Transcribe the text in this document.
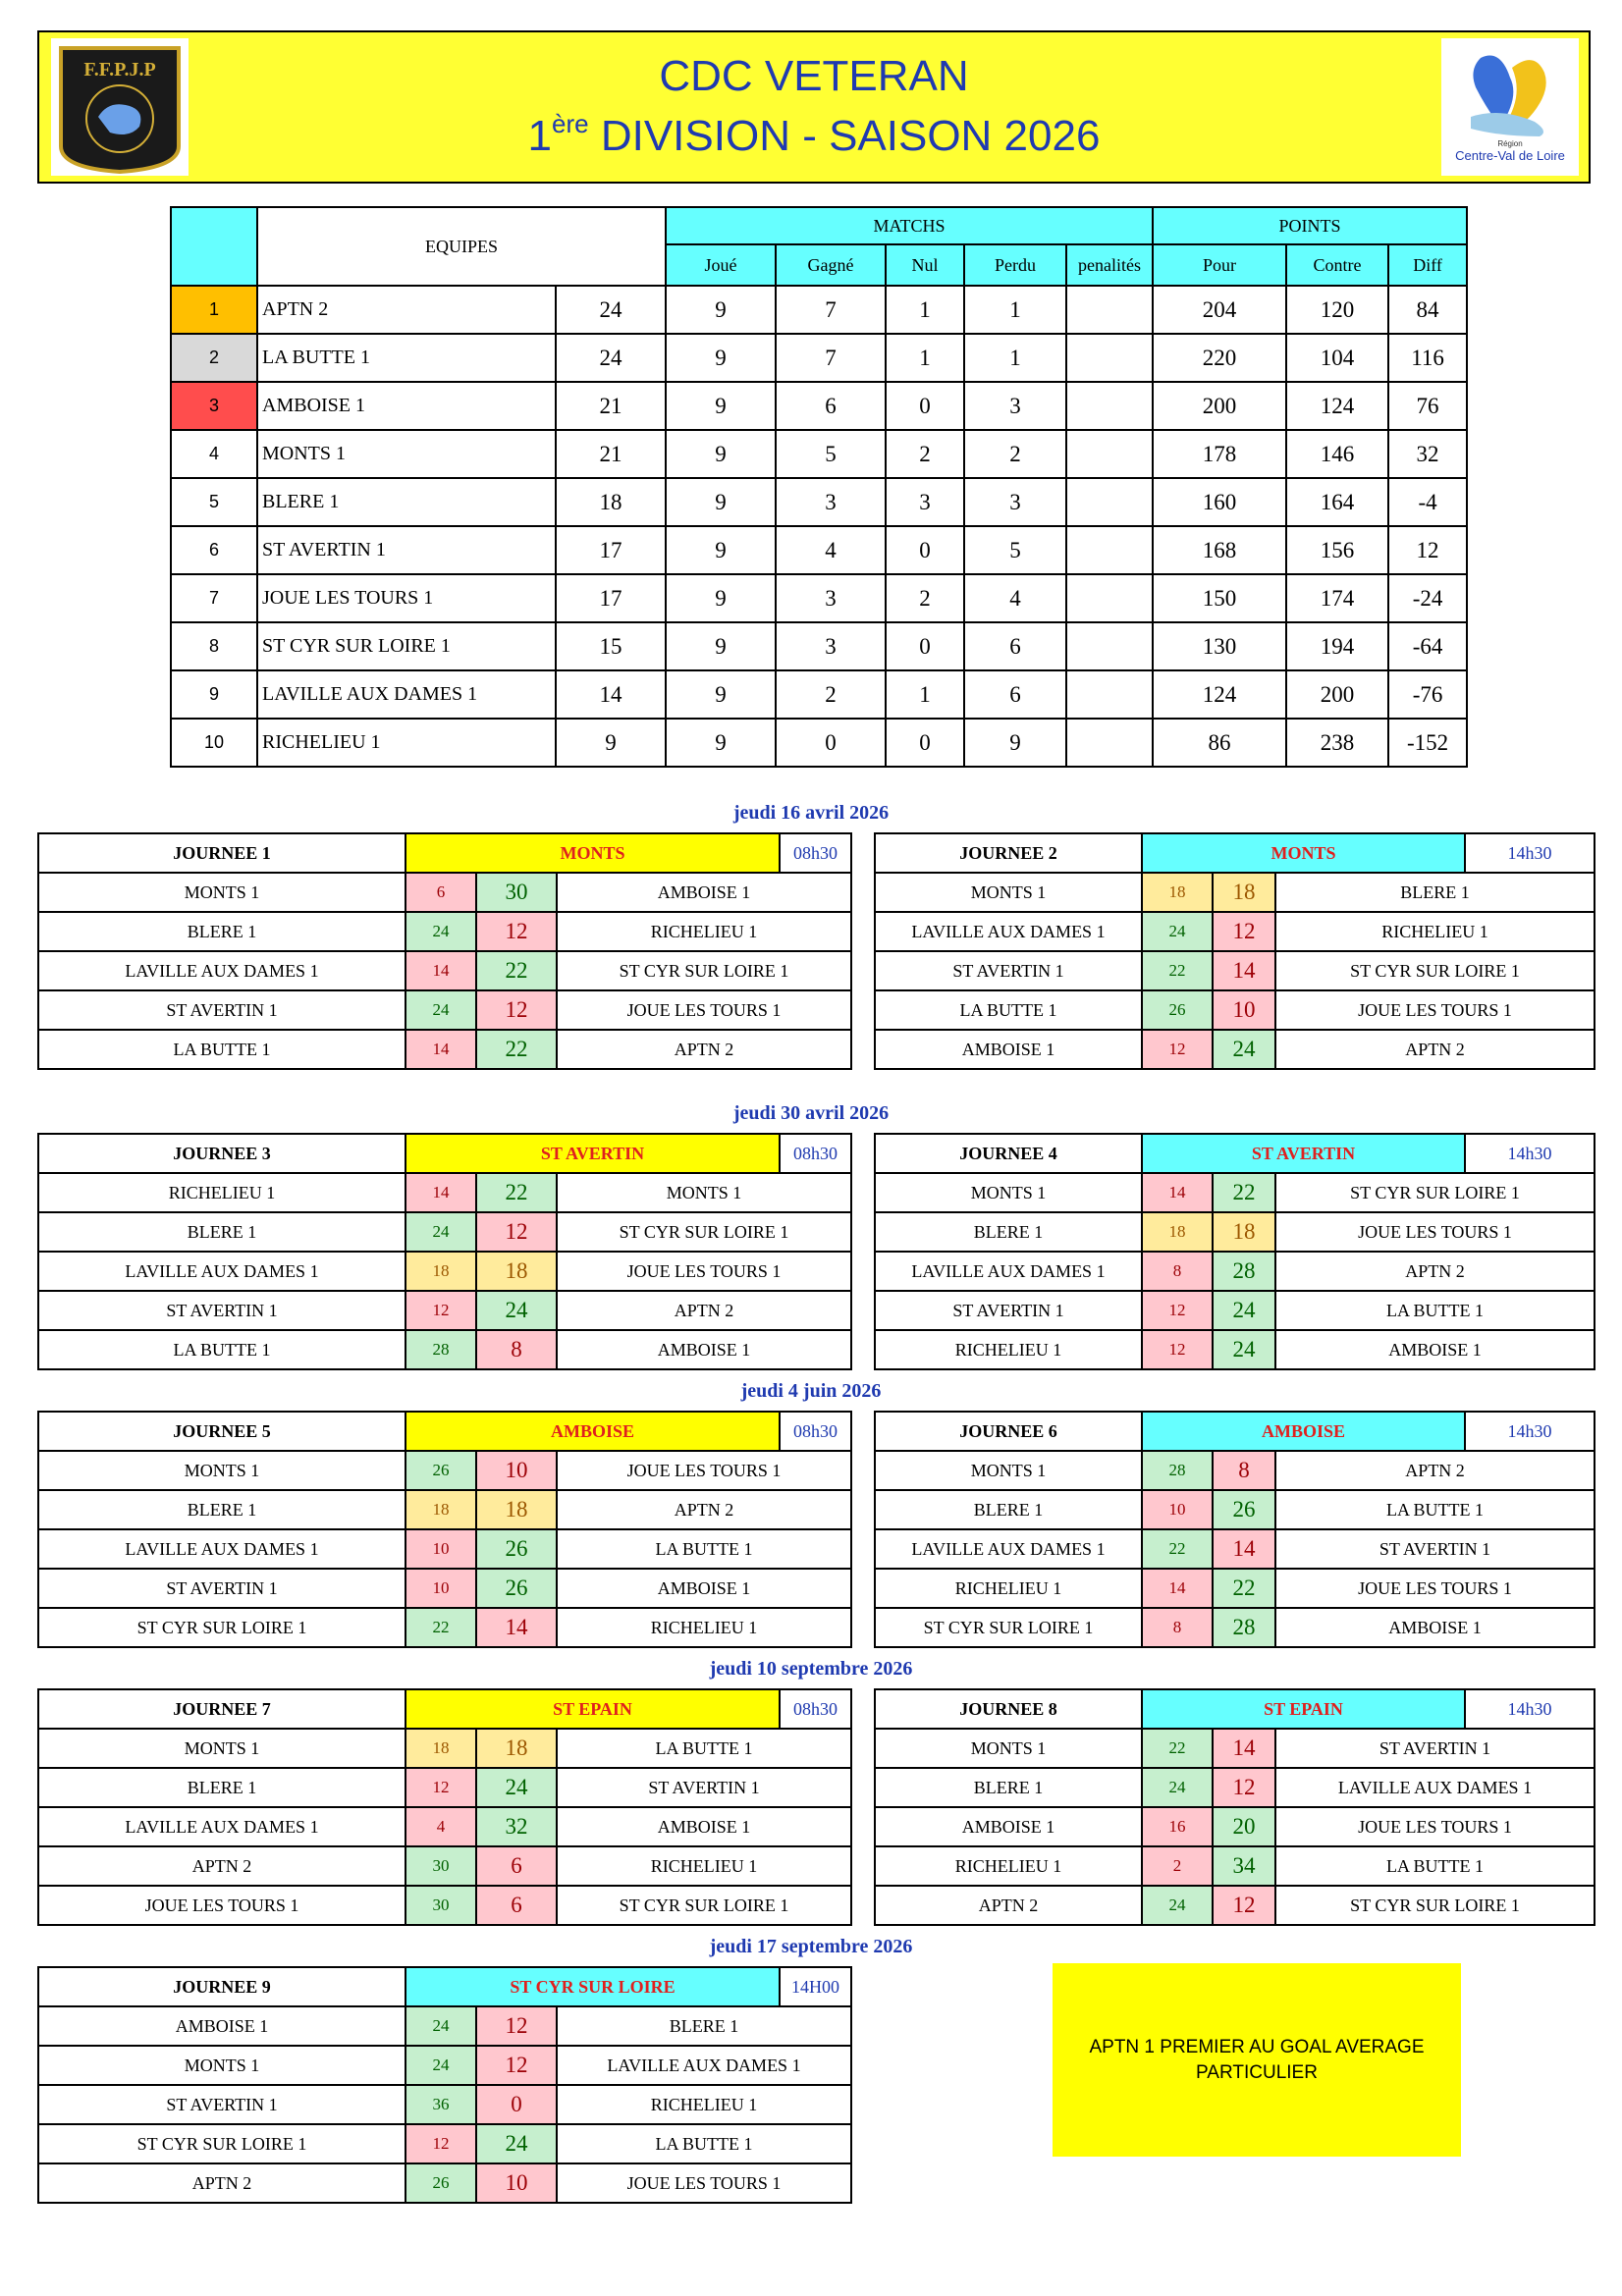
F.F.P.J.P	CDC VETERAN
1ère DIVISION - SAISON 2026	Région
Centre-Val de Loire
	EQUIPES		MATCHS					POINTS		
			Joué	Gagné	Nul	Perdu	penalités	Pour	Contre	Diff
1	APTN 2	24	9	7	1	1		204	120	84
2	LA BUTTE 1	24	9	7	1	1		220	104	116
3	AMBOISE 1	21	9	6	0	3		200	124	76
4	MONTS 1	21	9	5	2	2		178	146	32
5	BLERE 1	18	9	3	3	3		160	164	-4
6	ST AVERTIN 1	17	9	4	0	5		168	156	12
7	JOUE LES TOURS 1	17	9	3	2	4		150	174	-24
8	ST CYR SUR LOIRE 1	15	9	3	0	6		130	194	-64
9	LAVILLE AUX DAMES 1	14	9	2	1	6		124	200	-76
10	RICHELIEU 1	9	9	0	0	9		86	238	-152
jeudi 16 avril 2026
jeudi 30 avril 2026
jeudi 4 juin 2026
jeudi 10 septembre 2026
jeudi 17 septembre 2026
JOURNEE 1	MONTS 08h30		

MONTS 1	6	30	AMBOISE 1
BLERE 1	24	12	RICHELIEU 1
LAVILLE AUX DAMES 1	14	22	ST CYR SUR LOIRE 1
ST AVERTIN 1	24	12	JOUE LES TOURS 1
LA BUTTE 1	14	22	APTN 2
JOURNEE 2	MONTS 14h30		

MONTS 1	18	18	BLERE 1
LAVILLE AUX DAMES 1	24	12	RICHELIEU 1
ST AVERTIN 1	22	14	ST CYR SUR LOIRE 1
LA BUTTE 1	26	10	JOUE LES TOURS 1
AMBOISE 1	12	24	APTN 2
JOURNEE 3	ST AVERTIN 08h30		

RICHELIEU 1	14	22	MONTS 1
BLERE 1	24	12	ST CYR SUR LOIRE 1
LAVILLE AUX DAMES 1	18	18	JOUE LES TOURS 1
ST AVERTIN 1	12	24	APTN 2
LA BUTTE 1	28	8	AMBOISE 1
JOURNEE 4	ST AVERTIN 14h30		

MONTS 1	14	22	ST CYR SUR LOIRE 1
BLERE 1	18	18	JOUE LES TOURS 1
LAVILLE AUX DAMES 1	8	28	APTN 2
ST AVERTIN 1	12	24	LA BUTTE 1
RICHELIEU 1	12	24	AMBOISE 1
JOURNEE 5	AMBOISE 08h30		

MONTS 1	26	10	JOUE LES TOURS 1
BLERE 1	18	18	APTN 2
LAVILLE AUX DAMES 1	10	26	LA BUTTE 1
ST AVERTIN 1	10	26	AMBOISE 1
ST CYR SUR LOIRE 1	22	14	RICHELIEU 1
JOURNEE 6	AMBOISE 14h30		

MONTS 1	28	8	APTN 2
BLERE 1	10	26	LA BUTTE 1
LAVILLE AUX DAMES 1	22	14	ST AVERTIN 1
RICHELIEU 1	14	22	JOUE LES TOURS 1
ST CYR SUR LOIRE 1	8	28	AMBOISE 1
JOURNEE 7	ST EPAIN 08h30		

MONTS 1	18	18	LA BUTTE 1
BLERE 1	12	24	ST AVERTIN 1
LAVILLE AUX DAMES 1	4	32	AMBOISE 1
APTN 2	30	6	RICHELIEU 1
JOUE LES TOURS 1	30	6	ST CYR SUR LOIRE 1
JOURNEE 8	ST EPAIN 14h30		

MONTS 1	22	14	ST AVERTIN 1
BLERE 1	24	12	LAVILLE AUX DAMES 1
AMBOISE 1	16	20	JOUE LES TOURS 1
RICHELIEU 1	2	34	LA BUTTE 1
APTN 2	24	12	ST CYR SUR LOIRE 1
JOURNEE 9	ST CYR SUR LOIRE 14H00		

AMBOISE 1	24	12	BLERE 1
MONTS 1	24	12	LAVILLE AUX DAMES 1
ST AVERTIN 1	36	0	RICHELIEU 1
ST CYR SUR LOIRE 1	12	24	LA BUTTE 1
APTN 2	26	10	JOUE LES TOURS 1
APTN 1 PREMIER AU GOAL AVERAGE PARTICULIER
